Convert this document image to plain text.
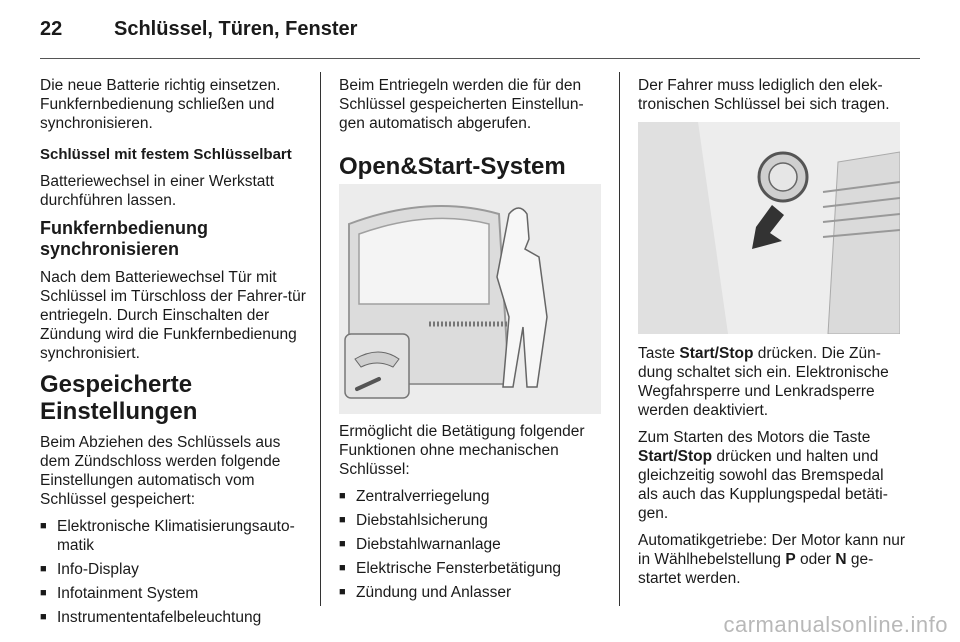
22	Schlüssel, Türen, Fenster

Die neue Batterie richtig einsetzen. Funkfernbedienung schließen und synchronisieren.

Schlüssel mit festem Schlüsselbart

Batteriewechsel in einer Werkstatt durchführen lassen.

Funkfernbedienung synchronisieren

Nach dem Batteriewechsel Tür mit Schlüssel im Türschloss der Fahrer-tür entriegeln. Durch Einschalten der Zündung wird die Funkfernbedienung synchronisiert.

Gespeicherte Einstellungen

Beim Abziehen des Schlüssels aus dem Zündschloss werden folgende Einstellungen automatisch vom Schlüssel gespeichert:

■ Elektronische Klimatisierungsauto-matik
■ Info-Display
■ Infotainment System
■ Instrumententafelbeleuchtung

Beim Entriegeln werden die für den Schlüssel gespeicherten Einstellun-gen automatisch abgerufen.

Open&Start-System

Ermöglicht die Betätigung folgender Funktionen ohne mechanischen Schlüssel:

■ Zentralverriegelung
■ Diebstahlsicherung
■ Diebstahlwarnanlage
■ Elektrische Fensterbetätigung
■ Zündung und Anlasser

Der Fahrer muss lediglich den elek-tronischen Schlüssel bei sich tragen.

Taste Start/Stop drücken. Die Zün-dung schaltet sich ein. Elektronische Wegfahrsperre und Lenkradsperre werden deaktiviert.

Zum Starten des Motors die Taste Start/Stop drücken und halten und gleichzeitig sowohl das Bremspedal als auch das Kupplungspedal betäti-gen.

Automatikgetriebe: Der Motor kann nur in Wählhebelstellung P oder N ge-startet werden.

carmanualsonline.info
